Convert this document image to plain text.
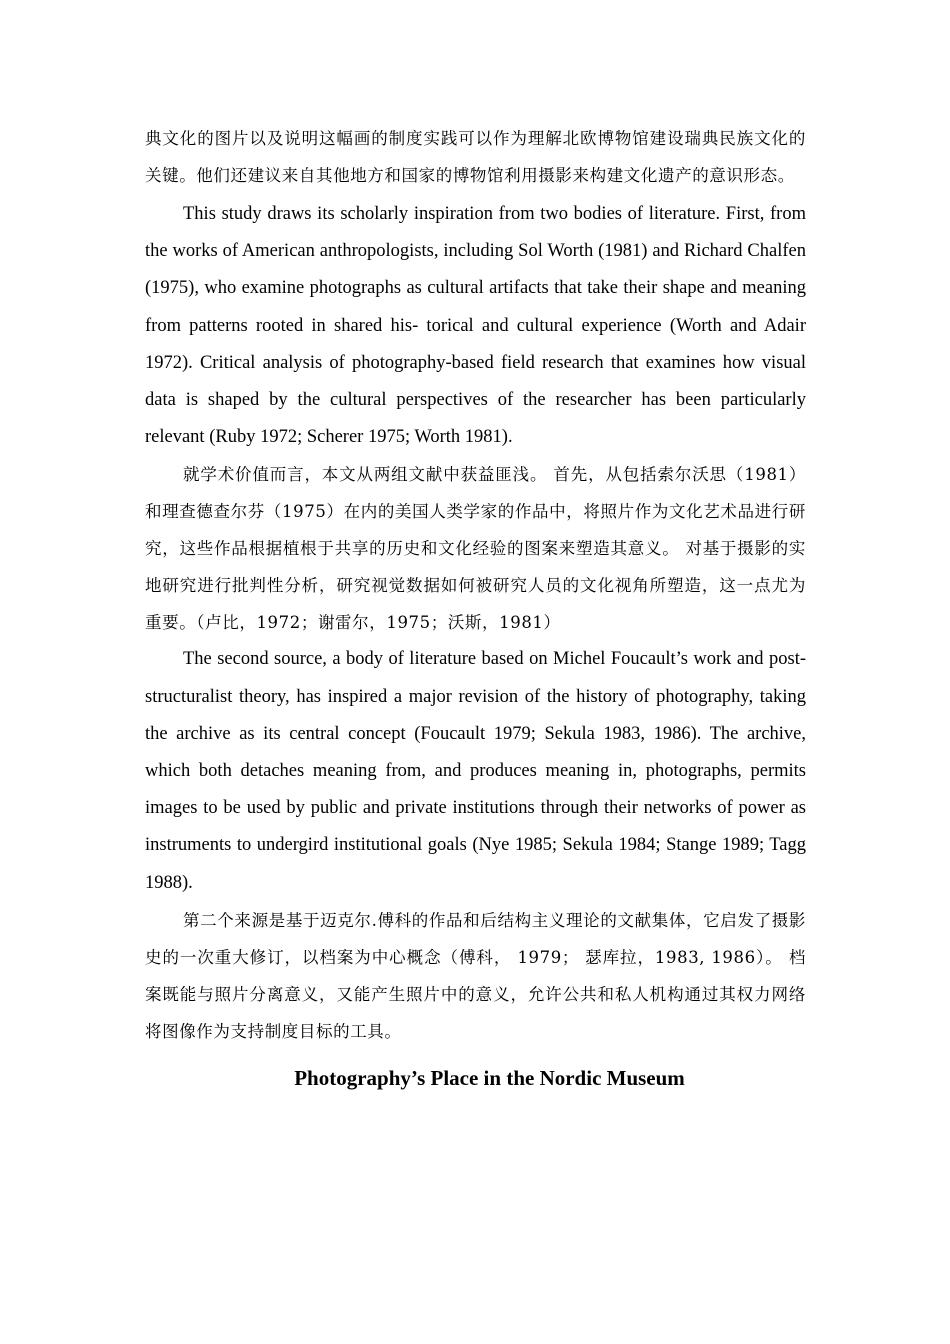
典文化的图片以及说明这幅画的制度实践可以作为理解北欧博物馆建设瑞典民族文化的关键。他们还建议来自其他地方和国家的博物馆利用摄影来构建文化遗产的意识形态。

This study draws its scholarly inspiration from two bodies of literature. First, from the works of American anthropologists, including Sol Worth (1981) and Richard Chalfen (1975), who examine photographs as cultural artifacts that take their shape and meaning from patterns rooted in shared his- torical and cultural experience (Worth and Adair 1972). Critical analysis of photography-based field research that examines how visual data is shaped by the cultural perspectives of the researcher has been particularly relevant (Ruby 1972; Scherer 1975; Worth 1981).

就学术价值而言，本文从两组文献中获益匪浅。 首先，从包括索尔沃思（1981）和理查德查尔芬（1975）在内的美国人类学家的作品中，将照片作为文化艺术品进行研究，这些作品根据植根于共享的历史和文化经验的图案来塑造其意义。 对基于摄影的实地研究进行批判性分析，研究视觉数据如何被研究人员的文化视角所塑造，这一点尤为重要。（卢比，1972；谢雷尔，1975；沃斯，1981）

The second source, a body of literature based on Michel Foucault’s work and post-structuralist theory, has inspired a major revision of the history of photography, taking the archive as its central concept (Foucault 1979; Sekula 1983, 1986). The archive, which both detaches meaning from, and produces meaning in, photographs, permits images to be used by public and private institutions through their networks of power as instruments to undergird institutional goals (Nye 1985; Sekula 1984; Stange 1989; Tagg 1988).

第二个来源是基于迈克尔.傅科的作品和后结构主义理论的文献集体，它启发了摄影史的一次重大修订，以档案为中心概念（傅科， 1979； 瑟库拉，1983, 1986）。 档案既能与照片分离意义，又能产生照片中的意义，允许公共和私人机构通过其权力网络将图像作为支持制度目标的工具。

Photography’s Place in the Nordic Museum
